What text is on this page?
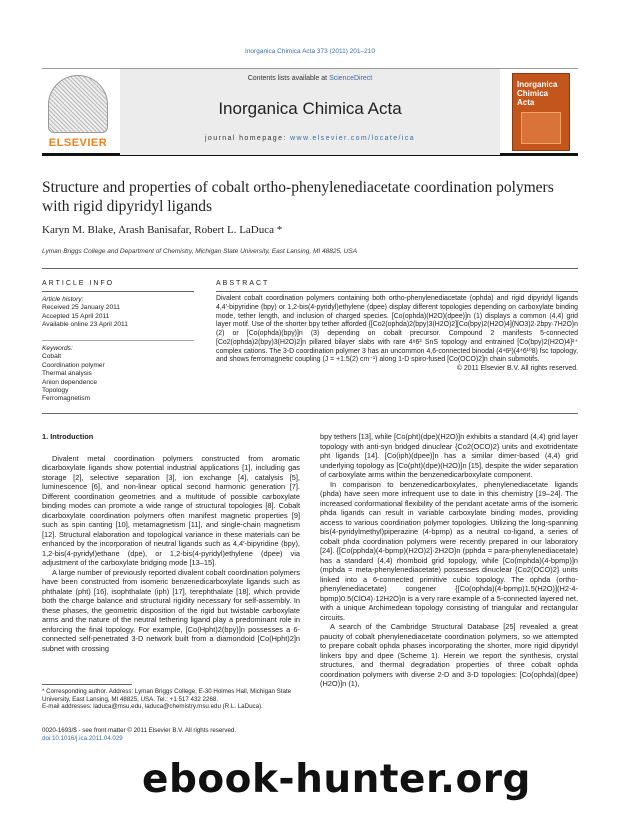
Inorganica Chimica Acta 373 (2011) 201–210
ELSEVIER
Contents lists available at ScienceDirect
Inorganica Chimica Acta
journal homepage: www.elsevier.com/locate/ica
Inorganica Chimica Acta
Structure and properties of cobalt ortho-phenylenediacetate coordination polymers with rigid dipyridyl ligands
Karyn M. Blake, Arash Banisafar, Robert L. LaDuca *
Lyman Briggs College and Department of Chemistry, Michigan State University, East Lansing, MI 48825, USA
ARTICLE INFO	ABSTRACT
Article history:
Received 25 January 2011
Accepted 15 April 2011
Available online 23 April 2011
Keywords:
Cobalt
Coordination polymer
Thermal analysis
Anion dependence
Topology
Ferromagnetism
Divalent cobalt coordination polymers containing both ortho-phenylenediacetate (ophda) and rigid dipyridyl ligands 4,4′-bipyridine (bpy) or 1,2-bis(4-pyridyl)ethylene (dpee) display different topologies depending on carboxylate binding mode, tether length, and inclusion of charged species. [Co(ophda)(H2O)(dpee)]n (1) displays a common (4,4) grid layer motif. Use of the shorter bpy tether afforded {[Co2(ophda)2(bpy)3(H2O)2][Co(bpy)2(H2O)4](NO3)2·2bpy·7H2O}n (2) or [Co(ophda)(bpy)]n (3) depending on cobalt precursor. Compound 2 manifests 5-connected [Co2(ophda)2(bpy)3(H2O)2]n pillared bilayer slabs with rare 4⁸6² SnS topology and entrained [Co(bpy)2(H2O)4]²⁺ complex cations. The 3-D coordination polymer 3 has an uncommon 4,6-connected binodal (4⁴6²)(4⁴6¹⁰8) fsc topology, and shows ferromagnetic coupling (J = +1.5(2) cm⁻¹) along 1-D spiro-fused [Co(OCO)2]n chain submotifs.
© 2011 Elsevier B.V. All rights reserved.

1. Introduction

Divalent metal coordination polymers constructed from aromatic dicarboxylate ligands show potential industrial applications [1], including gas storage [2], selective separation [3], ion exchange [4], catalysis [5], luminescence [6], and non-linear optical second harmonic generation [7]. Different coordination geometries and a multitude of possible carboxylate binding modes can promote a wide range of structural topologies [8]. Cobalt dicarboxylate coordination polymers often manifest magnetic properties [9] such as spin canting [10], metamagnetism [11], and single-chain magnetism [12]. Structural elaboration and topological variance in these materials can be enhanced by the incorporation of neutral ligands such as 4,4′-bipyridine (bpy), 1,2-bis(4-pyridyl)ethane (dpe), or 1,2-bis(4-pyridyl)ethylene (dpee) via adjustment of the carboxylate bridging mode [13–15].

A large number of previously reported divalent cobalt coordination polymers have been constructed from isomeric benzenedicarboxylate ligands such as phthalate (pht) [16], isophthalate (iph) [17], terephthalate [18], which provide both the charge balance and structural rigidity necessary for self-assembly. In these phases, the geometric disposition of the rigid but twistable carboxylate arms and the nature of the neutral tethering ligand play a predominant role in enforcing the final topology. For example, [Co(Hpht)2(bpy)]n possesses a 6-connected self-penetrated 3-D network built from a diamondoid [Co(Hpht)2]n subnet with crossing

bpy tethers [13], while [Co(pht)(dpe)(H2O)]n exhibits a standard (4,4) grid layer topology with anti-syn bridged dinuclear {Co2(OCO)2} units and exotridentate pht ligands [14]. [Co(iph)(dpee)]n has a similar dimer-based (4,4) grid underlying topology as [Co(pht)(dpe)(H2O)]n [15], despite the wider separation of carboxylate arms within the benzenedicarboxylate component.

In comparison to benzenedicarboxylates, phenylenediacetate ligands (phda) have seen more infrequent use to date in this chemistry [19–24]. The increased conformational flexibility of the pendant acetate arms of the isomeric phda ligands can result in variable carboxylate binding modes, providing access to various coordination polymer topologies. Utilizing the long-spanning bis(4-pyridylmethyl)piperazine (4-bpmp) as a neutral co-ligand, a series of cobalt phda coordination polymers were recently prepared in our laboratory [24]. {[Co(pphda)(4-bpmp)(H2O)2]·2H2O}n (pphda = para-phenylenediacetate) has a standard (4,4) rhomboid grid topology, while [Co(mphda)(4-bpmp)]n (mphda = meta-phenylenediacetate) possesses dinuclear {Co2(OCO)2} units linked into a 6-connected primitive cubic topology. The ophda (ortho-phenylenediacetate) congener {[Co(ophda)(4-bpmp)1.5(H2O)](H2-4-bpmp)0.5(ClO4)·12H2O}n is a very rare example of a 5-connected layered net, with a unique Archimedean topology consisting of triangular and rectangular circuits.

A search of the Cambridge Structural Database [25] revealed a great paucity of cobalt phenylenediacetate coordination polymers, so we attempted to prepare cobalt ophda phases incorporating the shorter, more rigid dipyridyl linkers bpy and dpee (Scheme 1). Herein we report the synthesis, crystal structures, and thermal degradation properties of three cobalt ophda coordination polymers with diverse 2-D and 3-D topologies: [Co(ophda)(dpee)(H2O)]n (1),

* Corresponding author. Address: Lyman Briggs College, E-30 Holmes Hall, Michigan State University, East Lansing, MI 48825, USA. Tel.: +1 517 432 2268.
E-mail addresses: laduca@msu.edu, laduca@chemistry.msu.edu (R.L. LaDuca).
0020-1693/$ - see front matter © 2011 Elsevier B.V. All rights reserved.
doi:10.1016/j.ica.2011.04.029
ebook-hunter.org
